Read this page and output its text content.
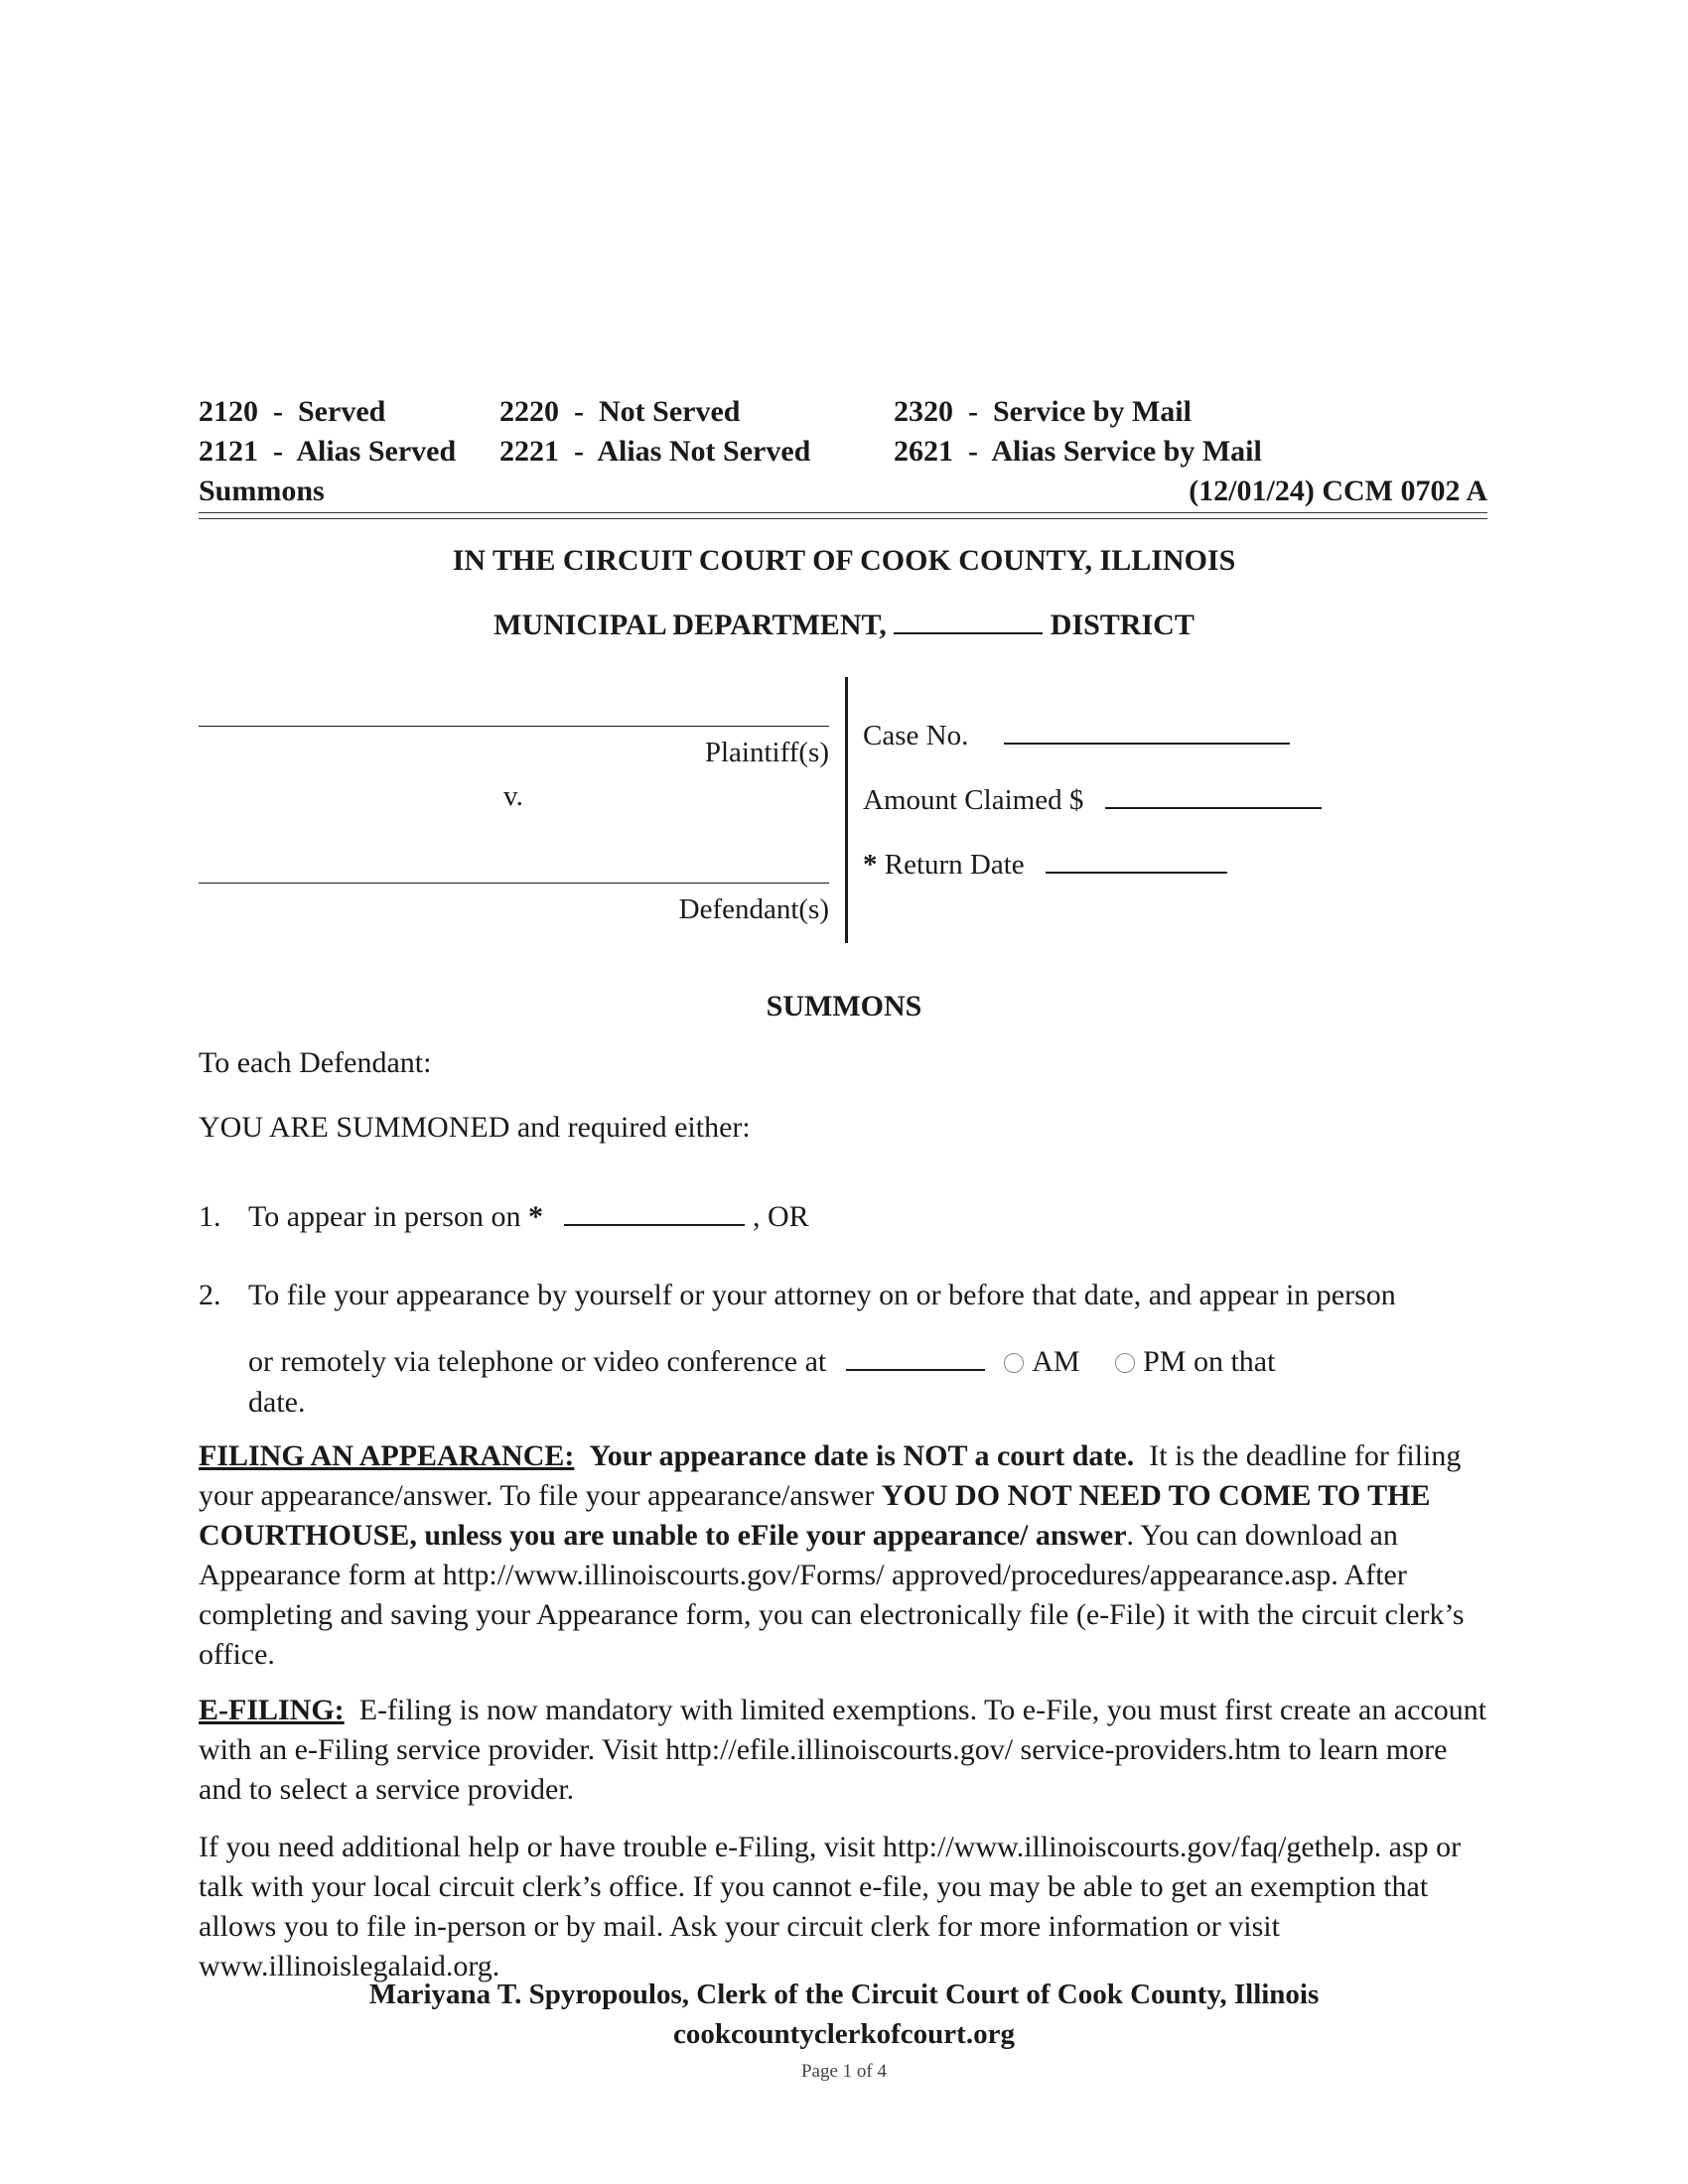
2120  -  Served	2220  -  Not Served	2320  -  Service by Mail
2121  -  Alias Served 2221  -  Alias Not Served	2621  -  Alias Service by Mail
Summons	(12/01/24) CCM 0702 A
IN THE CIRCUIT COURT OF COOK COUNTY, ILLINOIS
MUNICIPAL DEPARTMENT,	DISTRICT
Plaintiff(s)
v.
Defendant(s)
Case No.
Amount Claimed $
* Return Date
SUMMONS
To each Defendant:
YOU ARE SUMMONED and required either:
1. To appear in person on *	, OR
2. To file your appearance by yourself or your attorney on or before that date, and appear in person
or remotely via telephone or video conference at	AM PM on that
date.

FILING AN APPEARANCE: Your appearance date is NOT a court date. It is the deadline for filing your appearance/answer. To file your appearance/answer YOU DO NOT NEED TO COME TO THE COURTHOUSE, unless you are unable to eFile your appearance/ answer. You can download an Appearance form at http://www.illinoiscourts.gov/Forms/ approved/procedures/appearance.asp. After completing and saving your Appearance form, you can electronically file (e-File) it with the circuit clerk’s office.

E-FILING: E-filing is now mandatory with limited exemptions. To e-File, you must first create an account with an e-Filing service provider. Visit http://efile.illinoiscourts.gov/ service-providers.htm to learn more and to select a service provider.

If you need additional help or have trouble e-Filing, visit http://www.illinoiscourts.gov/faq/gethelp. asp or talk with your local circuit clerk’s office. If you cannot e-file, you may be able to get an exemption that allows you to file in-person or by mail. Ask your circuit clerk for more information or visit www.illinoislegalaid.org.

Mariyana T. Spyropoulos, Clerk of the Circuit Court of Cook County, Illinois
cookcountyclerkofcourt.org
Page 1 of 4
